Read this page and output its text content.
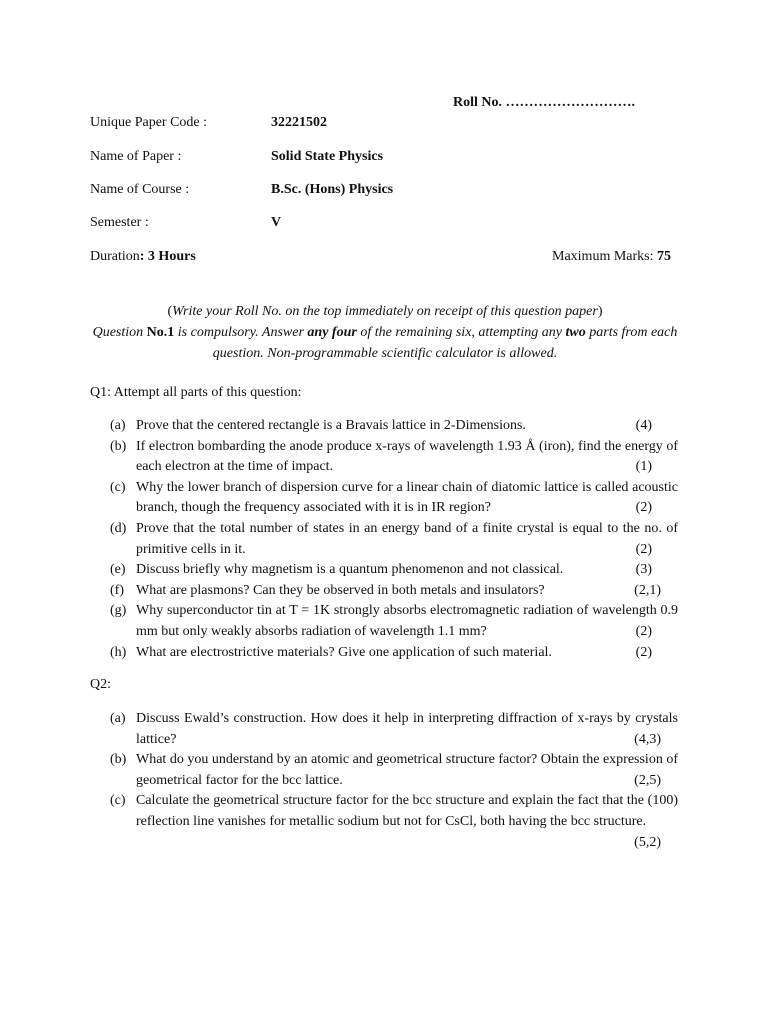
Roll No. ……………………….
Unique Paper Code :	32221502
Name of Paper :	Solid State Physics
Name of Course :	B.Sc. (Hons) Physics
Semester :	V
Duration: 3 Hours	Maximum Marks: 75
(Write your Roll No. on the top immediately on receipt of this question paper)
Question No.1 is compulsory. Answer any four of the remaining six, attempting any two parts from each question. Non-programmable scientific calculator is allowed.
Q1: Attempt all parts of this question:
(a) Prove that the centered rectangle is a Bravais lattice in 2-Dimensions.	(4)
(b) If electron bombarding the anode produce x-rays of wavelength 1.93 Å (iron), find the energy of each electron at the time of impact.	(1)
(c) Why the lower branch of dispersion curve for a linear chain of diatomic lattice is called acoustic branch, though the frequency associated with it is in IR region?	(2)
(d) Prove that the total number of states in an energy band of a finite crystal is equal to the no. of primitive cells in it.	(2)
(e) Discuss briefly why magnetism is a quantum phenomenon and not classical.	(3)
(f) What are plasmons? Can they be observed in both metals and insulators?	(2,1)
(g) Why superconductor tin at T = 1K strongly absorbs electromagnetic radiation of wavelength 0.9 mm but only weakly absorbs radiation of wavelength 1.1 mm?	(2)
(h) What are electrostrictive materials? Give one application of such material.	(2)
Q2:
(a) Discuss Ewald’s construction. How does it help in interpreting diffraction of x-rays by crystals lattice?	(4,3)
(b) What do you understand by an atomic and geometrical structure factor? Obtain the expression of geometrical factor for the bcc lattice.	(2,5)
(c) Calculate the geometrical structure factor for the bcc structure and explain the fact that the (100) reflection line vanishes for metallic sodium but not for CsCl, both having the bcc structure.
(5,2)
